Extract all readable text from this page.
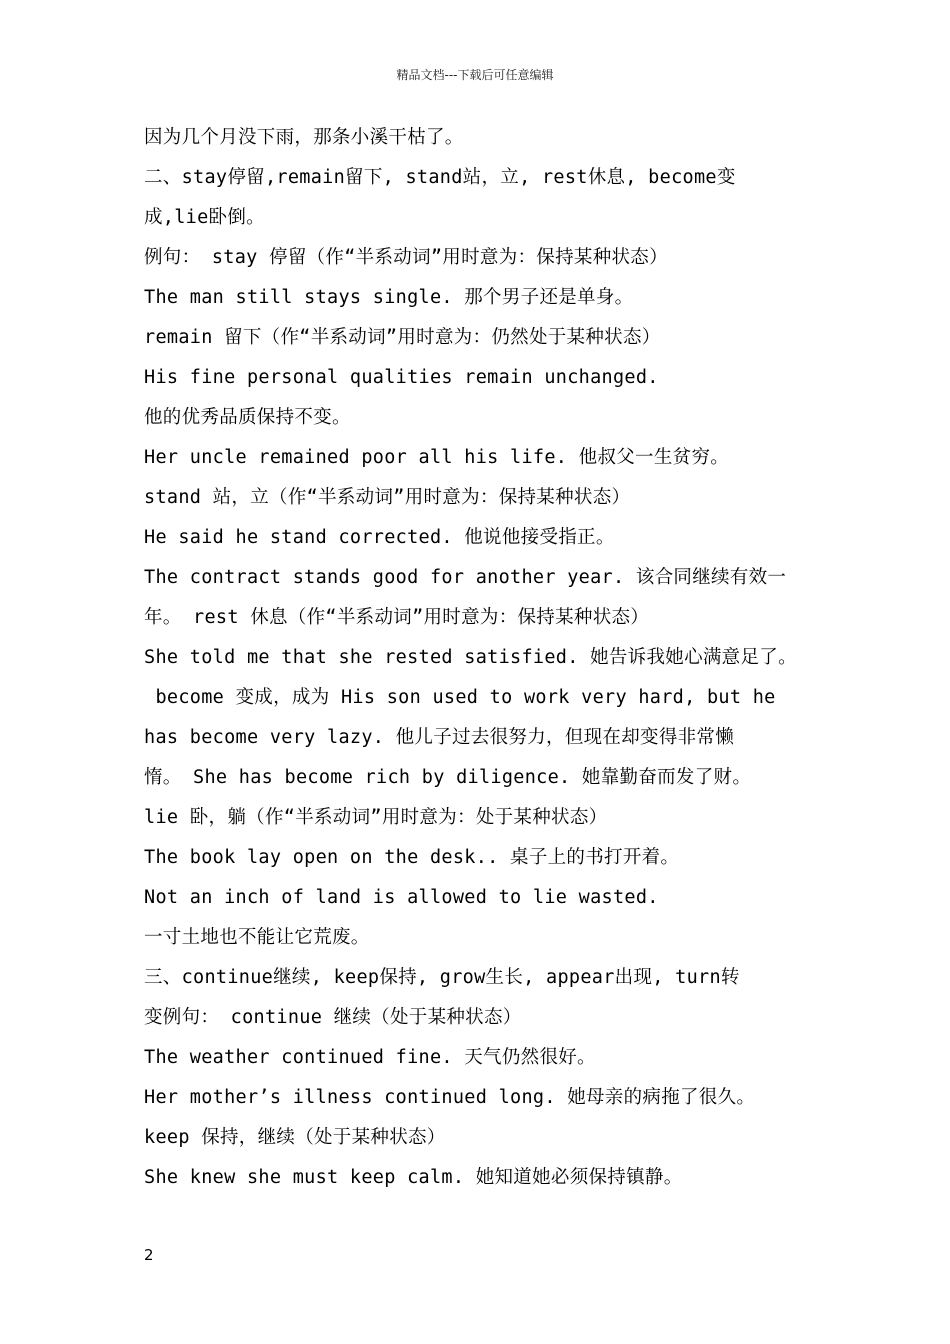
精品文档---下载后可任意编辑
因为几个月没下雨，那条小溪干枯了。
二、stay停留,remain留下, stand站，立, rest休息, become变
成,lie卧倒。
例句： stay 停留（作“半系动词”用时意为：保持某种状态）
The man still stays single. 那个男子还是单身。
remain 留下（作“半系动词”用时意为：仍然处于某种状态）
His fine personal qualities remain unchanged.
他的优秀品质保持不变。
Her uncle remained poor all his life. 他叔父一生贫穷。
stand 站，立（作“半系动词”用时意为：保持某种状态）
He said he stand corrected. 他说他接受指正。
The contract stands good for another year. 该合同继续有效一
年。 rest 休息（作“半系动词”用时意为：保持某种状态）
She told me that she rested satisfied. 她告诉我她心满意足了。
become 变成，成为 His son used to work very hard, but he
has become very lazy. 他儿子过去很努力，但现在却变得非常懒
惰。 She has become rich by diligence. 她靠勤奋而发了财。
lie 卧，躺（作“半系动词”用时意为：处于某种状态）
The book lay open on the desk.. 桌子上的书打开着。
Not an inch of land is allowed to lie wasted.
一寸土地也不能让它荒废。
三、continue继续, keep保持, grow生长, appear出现, turn转
变例句： continue 继续（处于某种状态）
The weather continued fine. 天气仍然很好。
Her mother’s illness continued long. 她母亲的病拖了很久。
keep 保持，继续（处于某种状态）
She knew she must keep calm. 她知道她必须保持镇静。
2
